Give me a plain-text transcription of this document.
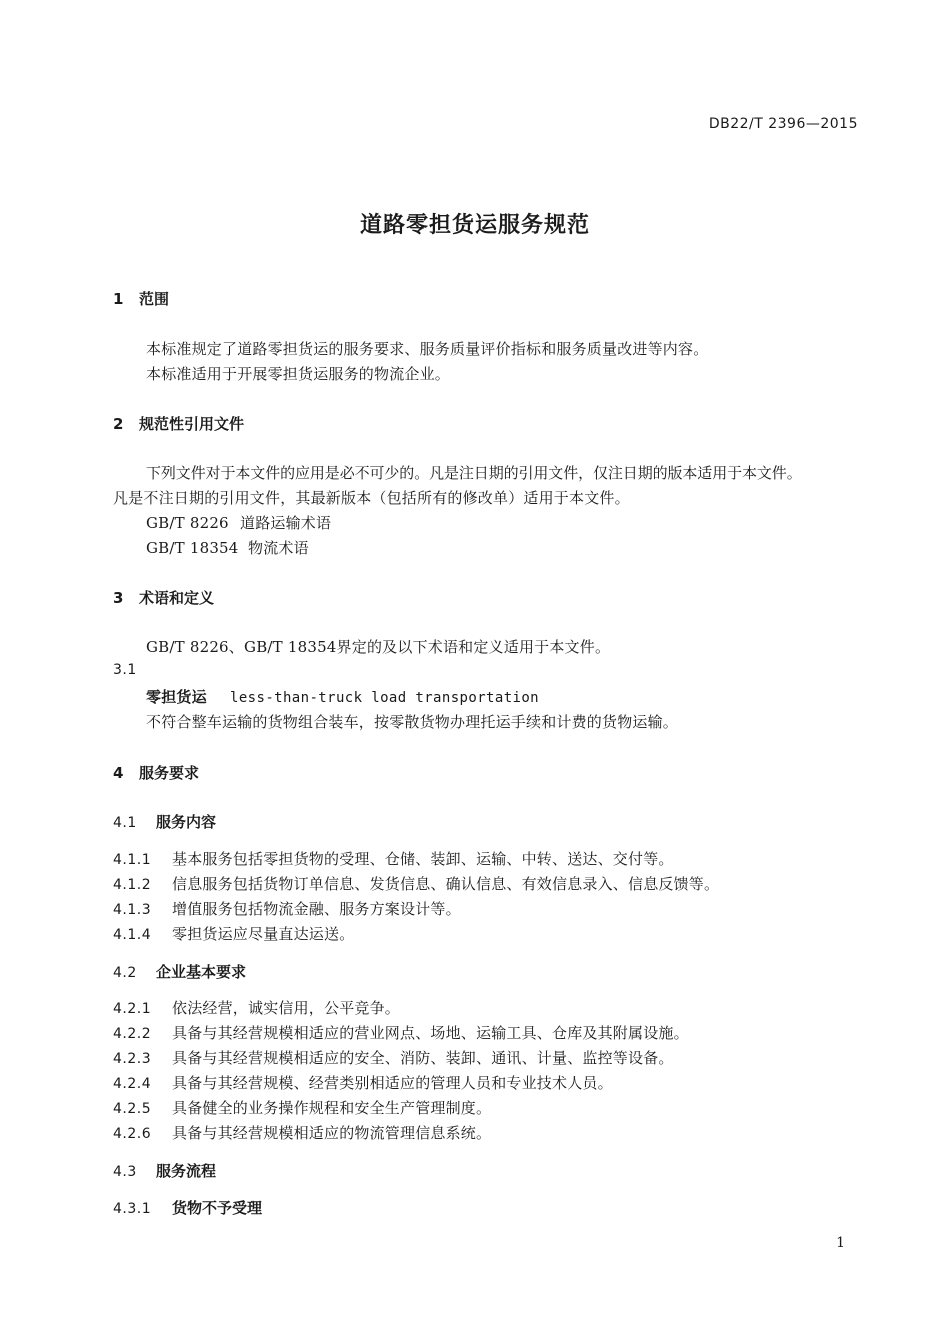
DB22/T 2396—2015
道路零担货运服务规范
1 范围
本标准规定了道路零担货运的服务要求、服务质量评价指标和服务质量改进等内容。
本标准适用于开展零担货运服务的物流企业。
2 规范性引用文件
下列文件对于本文件的应用是必不可少的。凡是注日期的引用文件，仅注日期的版本适用于本文件。
凡是不注日期的引用文件，其最新版本（包括所有的修改单）适用于本文件。
GB/T 8226 道路运输术语
GB/T 18354 物流术语
3 术语和定义
GB/T 8226、GB/T 18354界定的及以下术语和定义适用于本文件。
3.1
零担货运 less-than-truck load transportation
不符合整车运输的货物组合装车，按零散货物办理托运手续和计费的货物运输。
4 服务要求
4.1 服务内容
4.1.1 基本服务包括零担货物的受理、仓储、装卸、运输、中转、送达、交付等。
4.1.2 信息服务包括货物订单信息、发货信息、确认信息、有效信息录入、信息反馈等。
4.1.3 增值服务包括物流金融、服务方案设计等。
4.1.4 零担货运应尽量直达运送。
4.2 企业基本要求
4.2.1 依法经营，诚实信用，公平竞争。
4.2.2 具备与其经营规模相适应的营业网点、场地、运输工具、仓库及其附属设施。
4.2.3 具备与其经营规模相适应的安全、消防、装卸、通讯、计量、监控等设备。
4.2.4 具备与其经营规模、经营类别相适应的管理人员和专业技术人员。
4.2.5 具备健全的业务操作规程和安全生产管理制度。
4.2.6 具备与其经营规模相适应的物流管理信息系统。
4.3 服务流程
4.3.1 货物不予受理
1
